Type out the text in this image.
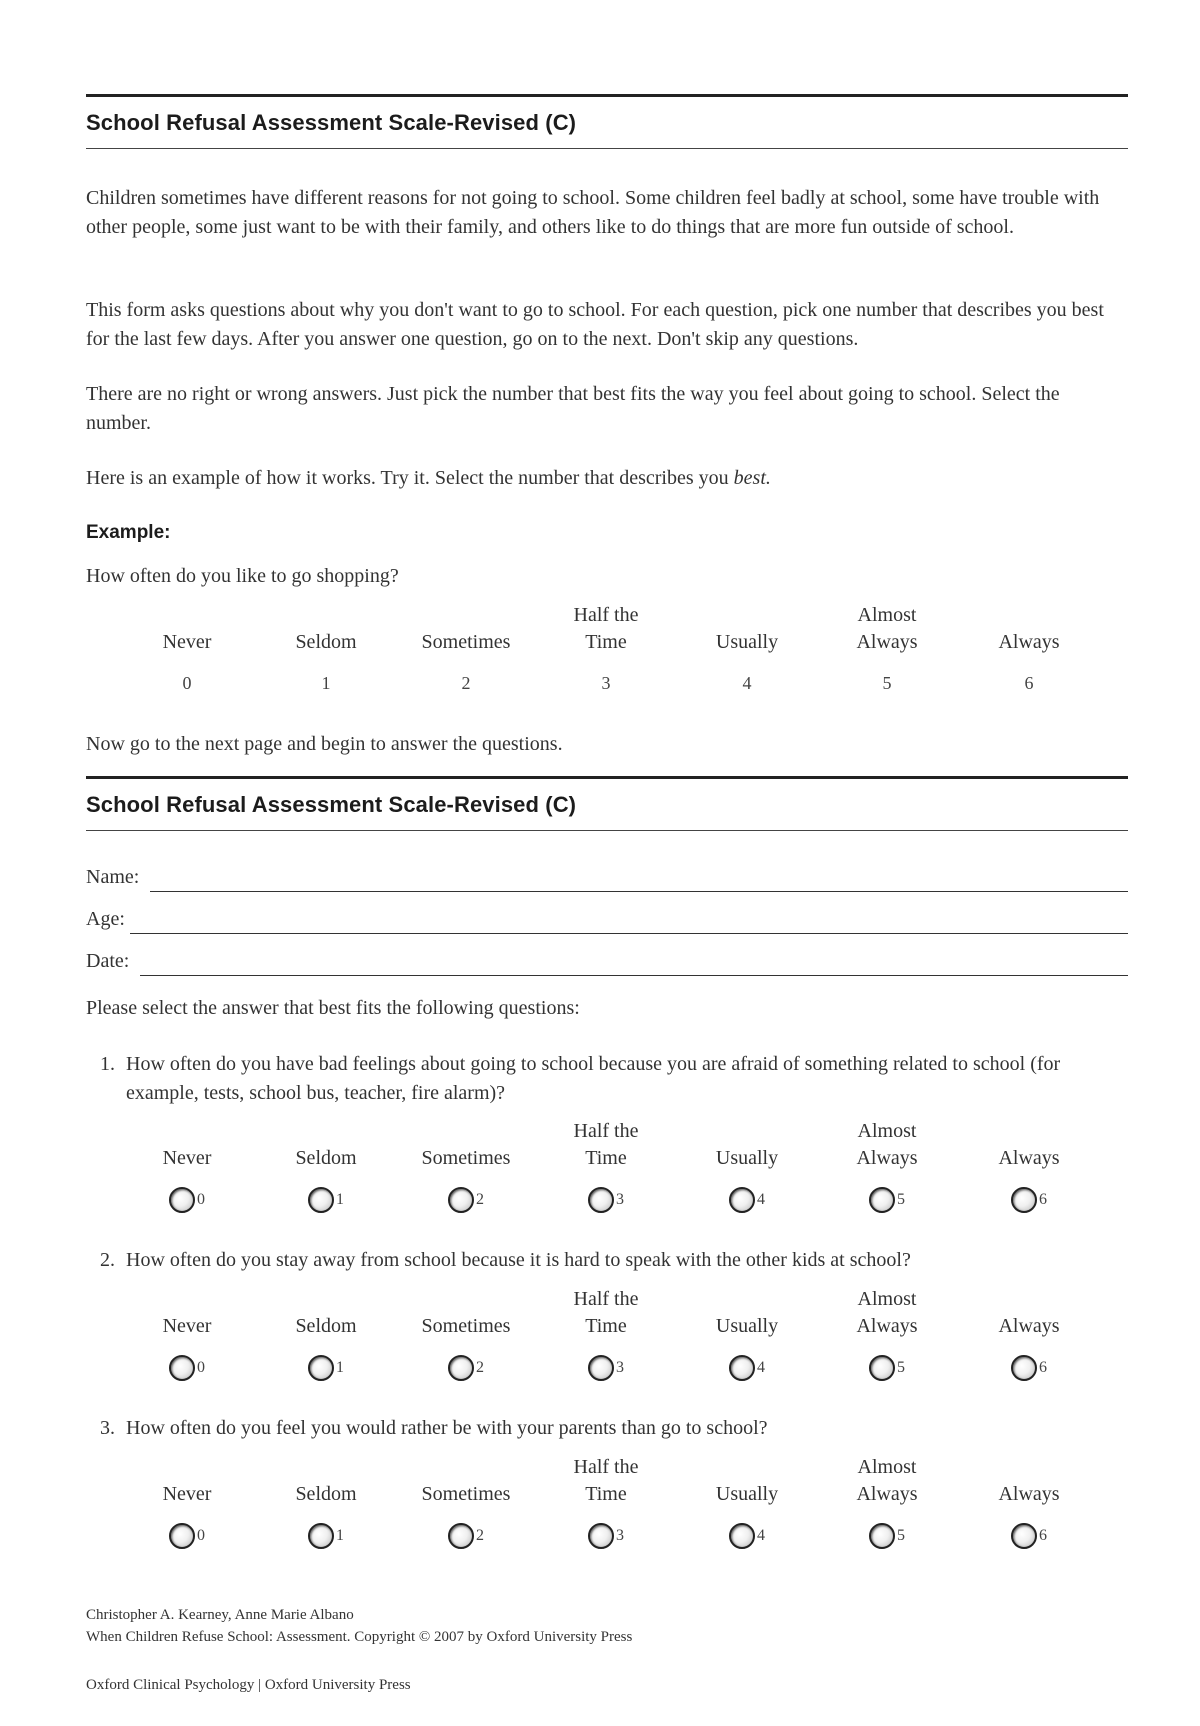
School Refusal Assessment Scale-Revised (C)
Children sometimes have different reasons for not going to school. Some children feel badly at school, some have trouble with other people, some just want to be with their family, and others like to do things that are more fun outside of school.
This form asks questions about why you don't want to go to school. For each question, pick one number that describes you best for the last few days. After you answer one question, go on to the next. Don't skip any questions.
There are no right or wrong answers. Just pick the number that best fits the way you feel about going to school. Select the number.
Here is an example of how it works. Try it. Select the number that describes you best.
Example:
How often do you like to go shopping?
Never
0
Seldom
1
Sometimes
2
Half the
Time
3
Usually
4
Almost
Always
5
Always
6
Now go to the next page and begin to answer the questions.
School Refusal Assessment Scale-Revised (C)
Name:
Age:
Date:
Please select the answer that best fits the following questions:
1. How often do you have bad feelings about going to school because you are afraid of something related to school (for example, tests, school bus, teacher, fire alarm)?
Never
0
Seldom
1
Sometimes
2
Half the
Time
3
Usually
4
Almost
Always
5
Always
6
2. How often do you stay away from school because it is hard to speak with the other kids at school?
Never
0
Seldom
1
Sometimes
2
Half the
Time
3
Usually
4
Almost
Always
5
Always
6
3. How often do you feel you would rather be with your parents than go to school?
Never
0
Seldom
1
Sometimes
2
Half the
Time
3
Usually
4
Almost
Always
5
Always
6
Christopher A. Kearney, Anne Marie Albano
When Children Refuse School: Assessment. Copyright © 2007 by Oxford University Press
Oxford Clinical Psychology | Oxford University Press
